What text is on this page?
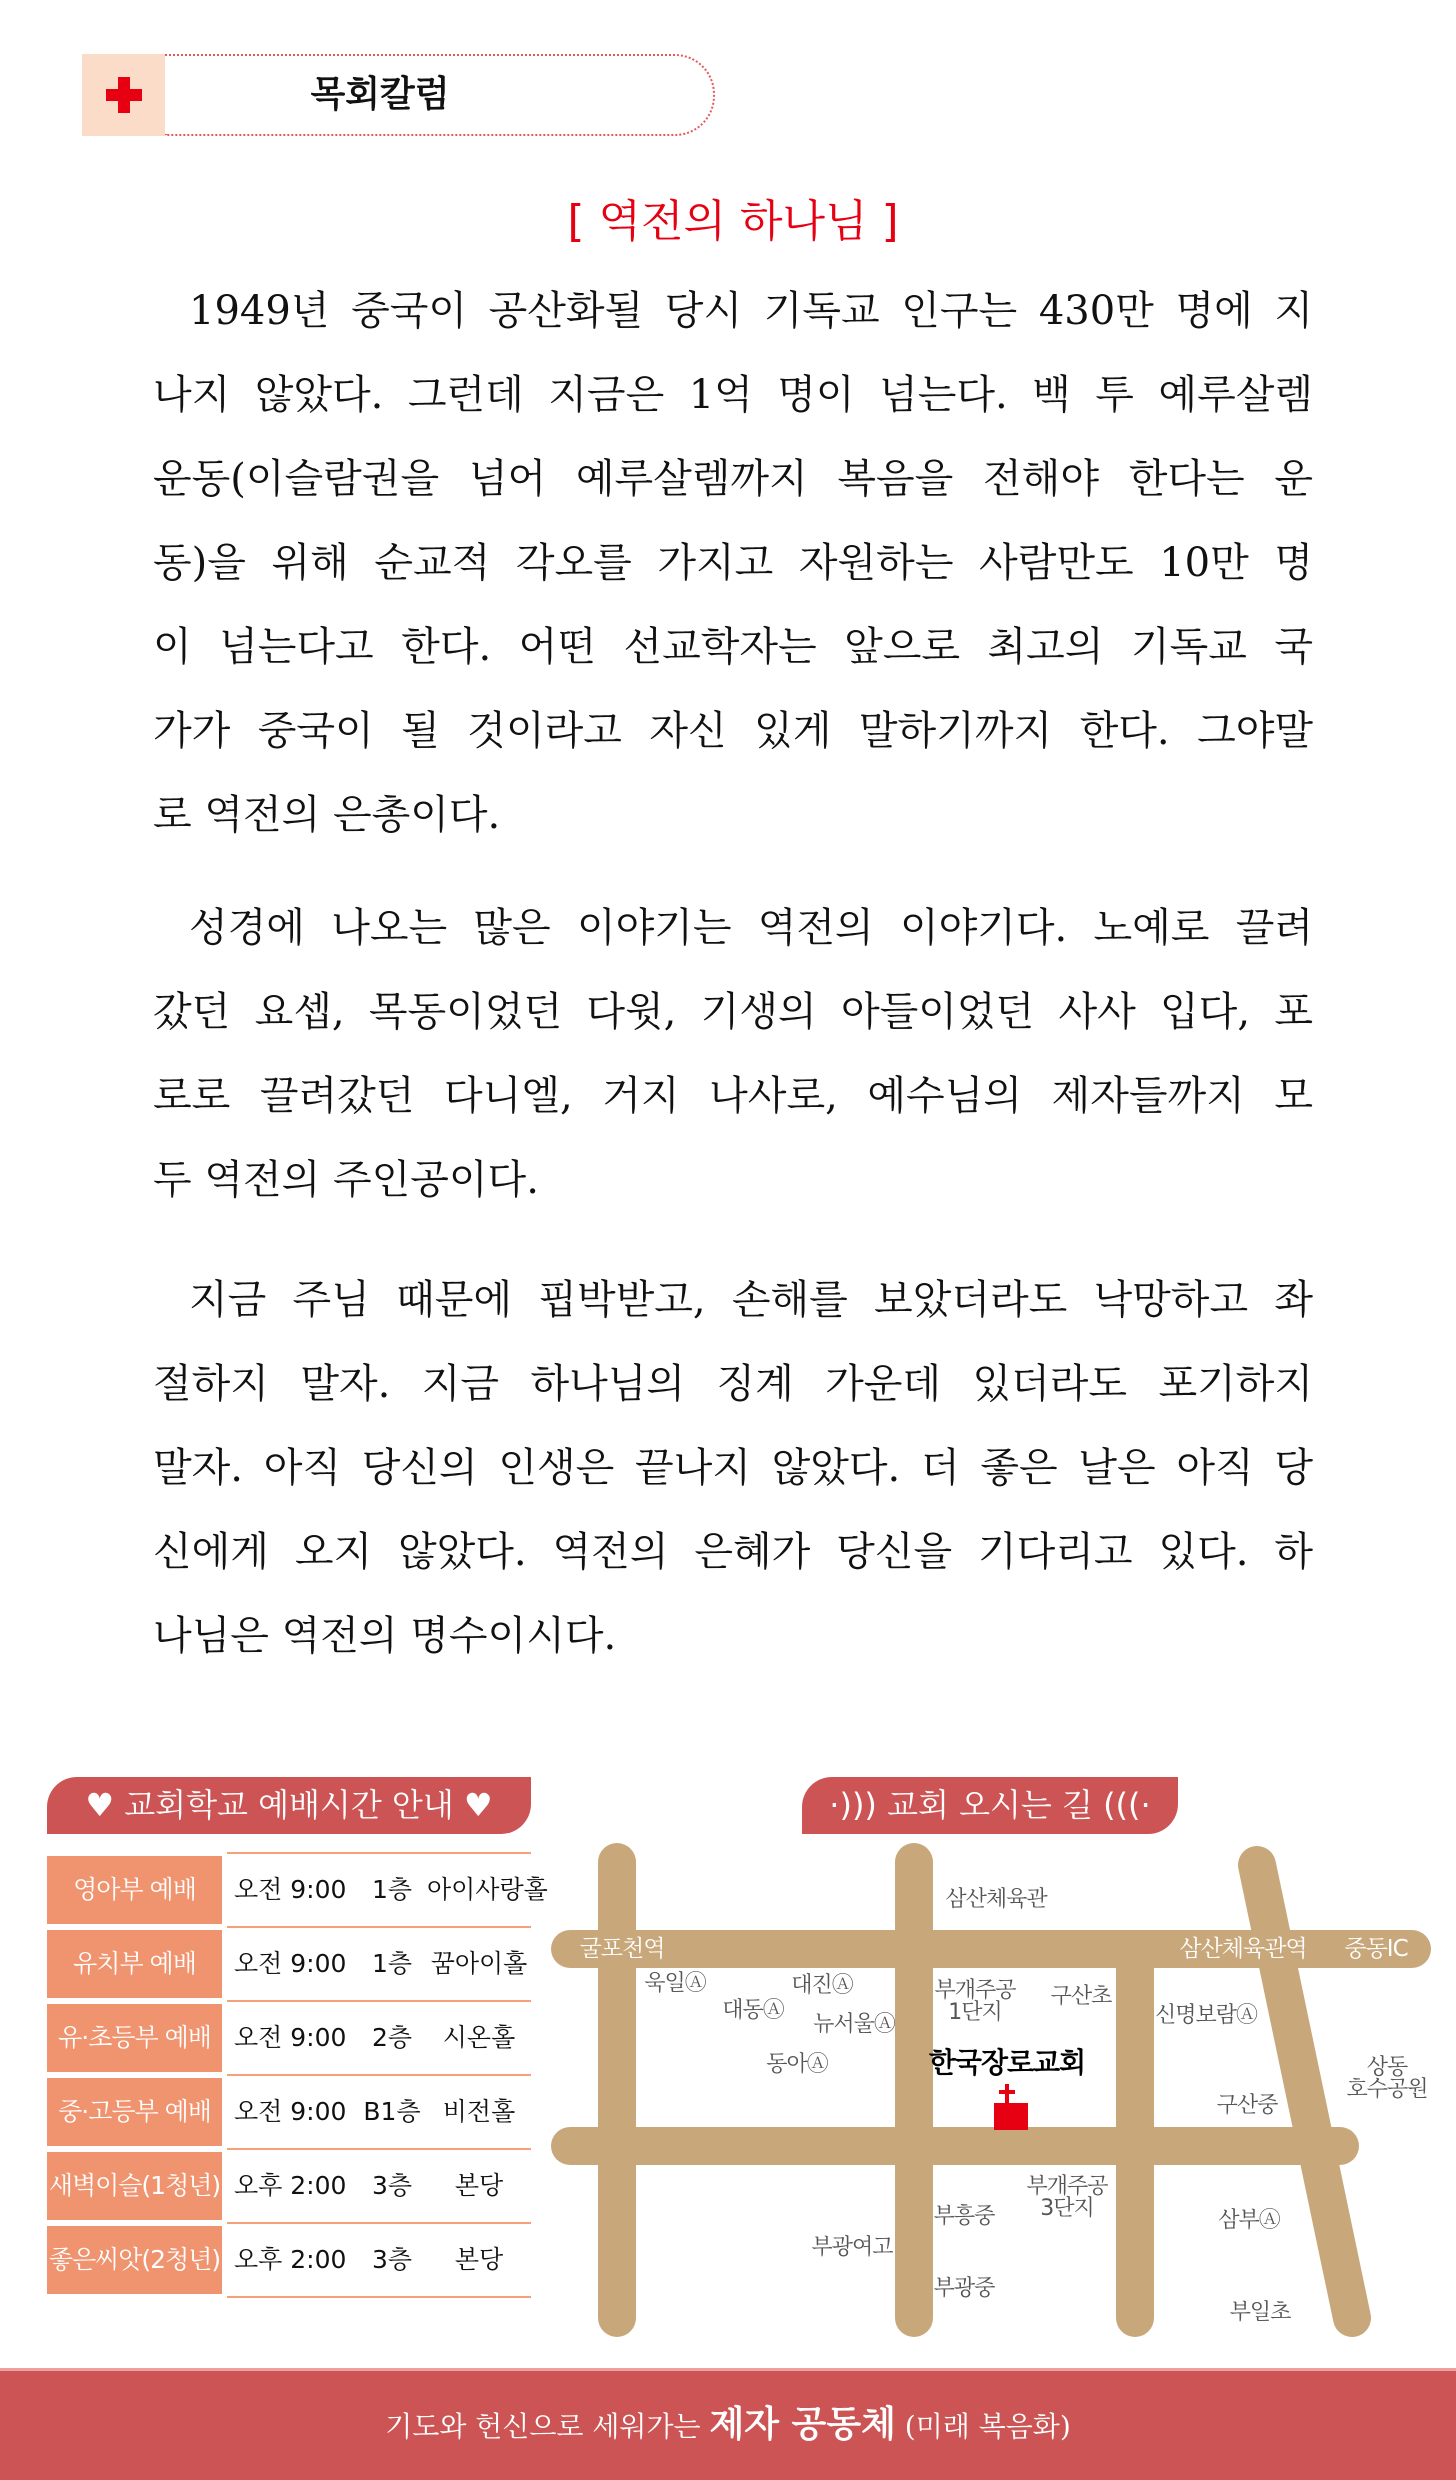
목회칼럼
[ 역전의 하나님 ]
1949년 중국이 공산화될 당시 기독교 인구는 430만 명에 지
나지 않았다. 그런데 지금은 1억 명이 넘는다. 백 투 예루살렘
운동(이슬람권을 넘어 예루살렘까지 복음을 전해야 한다는 운
동)을 위해 순교적 각오를 가지고 자원하는 사람만도 10만 명
이 넘는다고 한다. 어떤 선교학자는 앞으로 최고의 기독교 국
가가 중국이 될 것이라고 자신 있게 말하기까지 한다. 그야말
로 역전의 은총이다.
성경에 나오는 많은 이야기는 역전의 이야기다. 노예로 끌려
갔던 요셉, 목동이었던 다윗, 기생의 아들이었던 사사 입다, 포
로로 끌려갔던 다니엘, 거지 나사로, 예수님의 제자들까지 모
두 역전의 주인공이다.
지금 주님 때문에 핍박받고, 손해를 보았더라도 낙망하고 좌
절하지 말자. 지금 하나님의 징계 가운데 있더라도 포기하지
말자. 아직 당신의 인생은 끝나지 않았다. 더 좋은 날은 아직 당
신에게 오지 않았다. 역전의 은혜가 당신을 기다리고 있다. 하
나님은 역전의 명수이시다.
♥ 교회학교 예배시간 안내 ♥
영아부 예배	오전 9:00	1층 아이사랑홀
유치부 예배	오전 9:00	1층 꿈아이홀
유·초등부 예배 오전 9:00	2층	시온홀
중·고등부 예배 오전 9:00 B1층 비전홀
새벽이슬(1청년) 오후 2:00	3층	본당
좋은씨앗(2청년) 오후 2:00	3층	본당
·))) 교회 오시는 길 (((·
굴포천역	삼산체육관역 중동IC
한국장로교회
삼산체육관
욱일Ⓐ	대진Ⓐ
대동Ⓐ
뉴서울Ⓐ
동아Ⓐ
부개주공
1단지
구산초
신명보람Ⓐ
구산중
상동
호수공원
부개주공
3단지
부흥중	삼부Ⓐ
부광여고
부광중
부일초
기도와 헌신으로 세워가는 제자 공동체 (미래 복음화)
